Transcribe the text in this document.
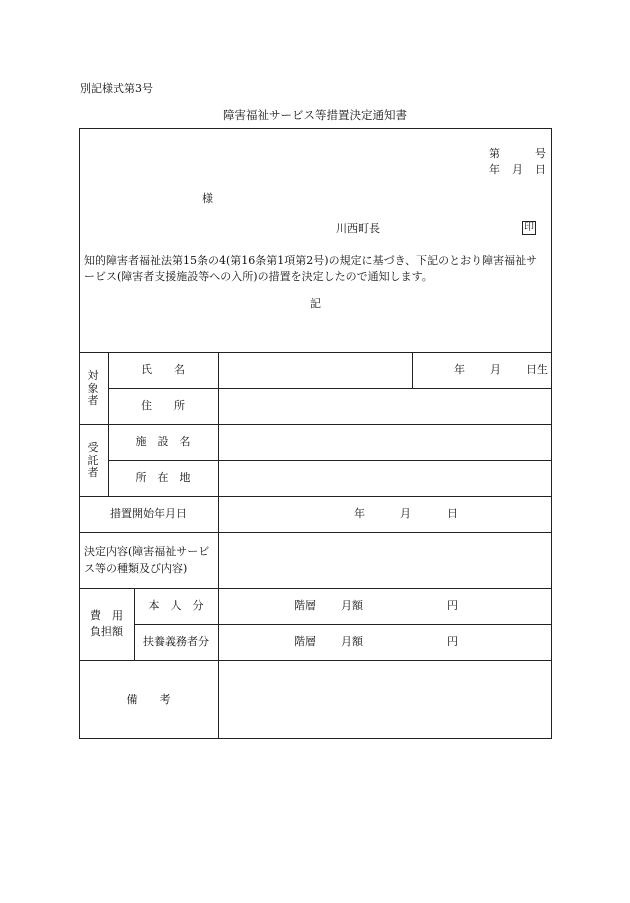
別記様式第3号
障害福祉サービス等措置決定通知書
第	号
年 月 日
様
川西町長	印
知的障害者福祉法第15条の4(第16条第1項第2号)の規定に基づき、下記のとおり障害福祉サービス(障害者支援施設等への入所)の措置を決定したので通知します。
記
対象者
氏　　名	年 月 日生
住　　所
受託者
施　設　名
所　在　地
措置開始年月日	年	月	日
決定内容(障害福祉サービス等の種類及び内容)
費　用
負担額
本　人　分	階層 月額	円
扶養義務者分	階層 月額	円
備　　考
